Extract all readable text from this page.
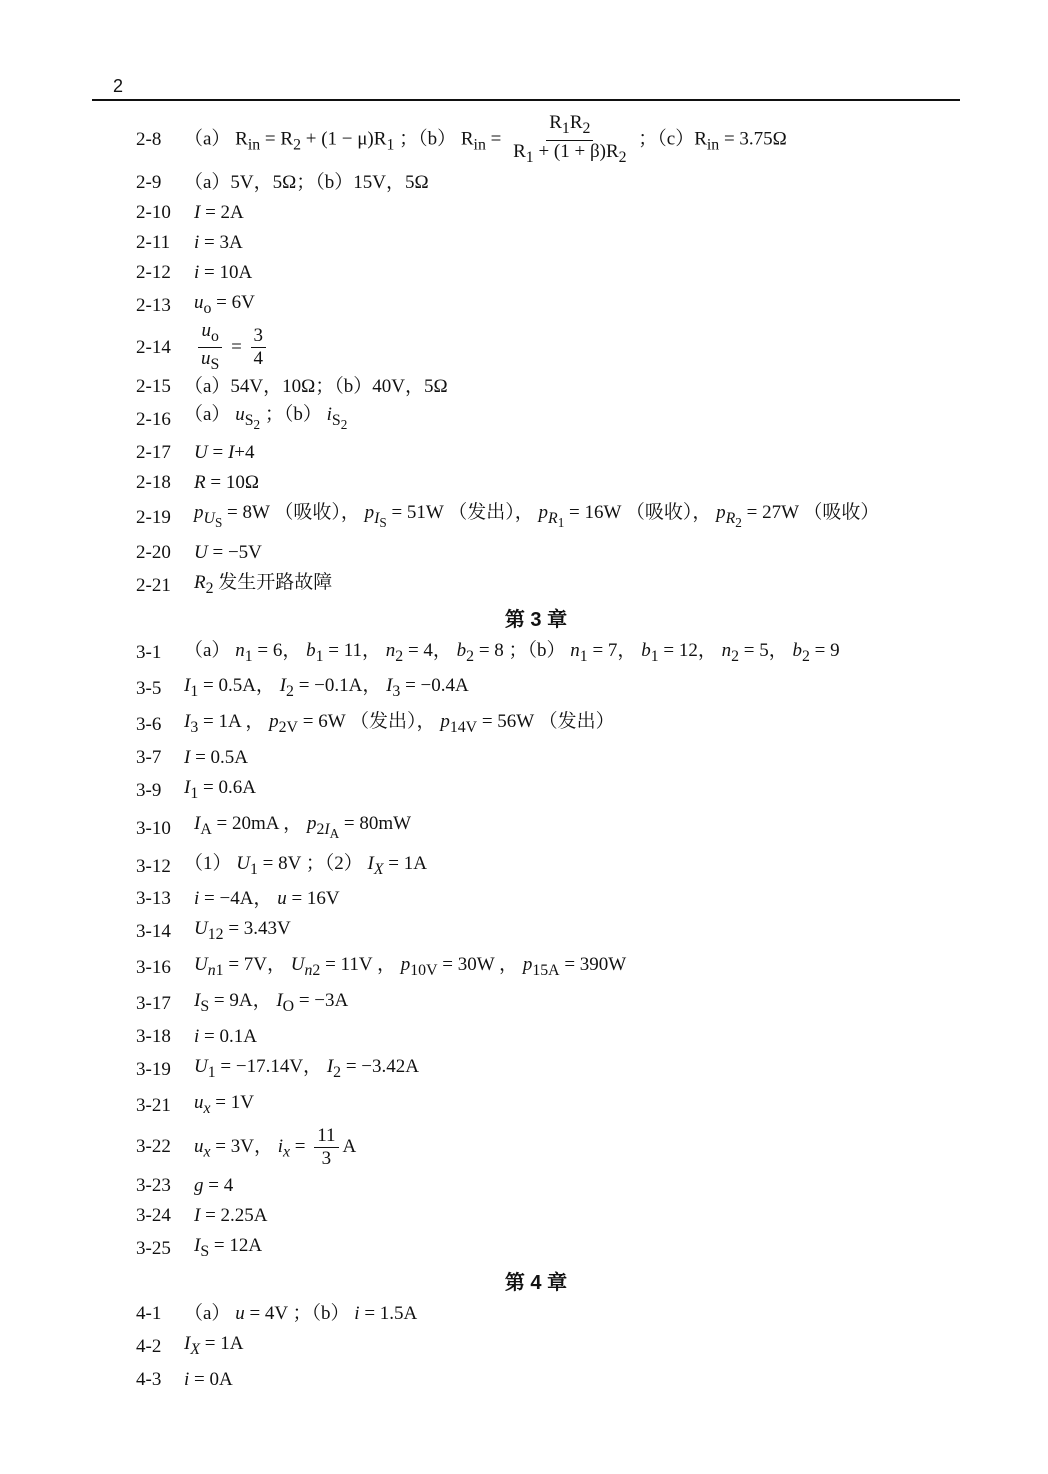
2
2-8	（a） $R_{in} = R_2 + (1 - \mu)R_1$ ；（b） $R_{in} = \frac{R_1R_2}{R_1 + (1 + \beta)R_2}$ ；$(c)R_{in} = 3.75\Omega$
2-9	（a）5V，5Ω；（b）15V，5Ω
2-10	I = 2A
2-11	i = 3A
2-12	i = 10A
2-13	$u_o = 6V$
2-14	$\frac{u_o}{u_S} = \frac{3}{4}$
2-15 （a）54V，10Ω；（b）40V，5Ω
2-16 （a） $u_{S_2}$ ；（b） $i_{S_2}$
2-17	U = I+4
2-18	R = 10Ω
2-19	$p_{U_S} = 8W$ （吸收）， $p_{I_S} = 51W$ （发出）， $p_{R_1} = 16W$ （吸收）， $p_{R_2} = 27W$ （吸收）
2-20	U = −5V
2-21	$R_2$ 发生开路故障
第 3 章
3-1	（a） $n_1 = 6$， $b_1 = 11$， $n_2 = 4$， $b_2 = 8$ ；（b） $n_1 = 7$， $b_1 = 12$， $n_2 = 5$， $b_2 = 9$
3-5	$I_1 = 0.5A$， $I_2 = -0.1A$， $I_3 = -0.4A$
3-6	$I_3 = 1A$ ， $p_{2V} = 6W$ （发出）， $p_{14V} = 56W$ （发出）
3-7	I = 0.5A
3-9	$I_1 = 0.6A$
3-10	$I_A = 20mA$ ， $p_{2I_A} = 80mW$
3-12 （1） $U_1 = 8V$ ；（2） $I_X = 1A$
3-13	i = −4A， u = 16V
3-14	$U_{12} = 3.43V$
3-16	$U_{n1} = 7V$， $U_{n2} = 11V$ ， $p_{10V} = 30W$ ， $p_{15A} = 390W$
3-17	$I_S = 9A$， $I_O = -3A$
3-18	i = 0.1A
3-19	$U_1 = -17.14V$， $I_2 = -3.42A$
3-21	$u_x = 1V$
3-22	$u_x = 3V$， $i_x = \frac{11}{3}$ A
3-23	g = 4
3-24	I = 2.25A
3-25	$I_S = 12A$
第 4 章
4-1	（a） u = 4V ；（b） i = 1.5A
4-2	$I_X = 1A$
4-3	i = 0A
